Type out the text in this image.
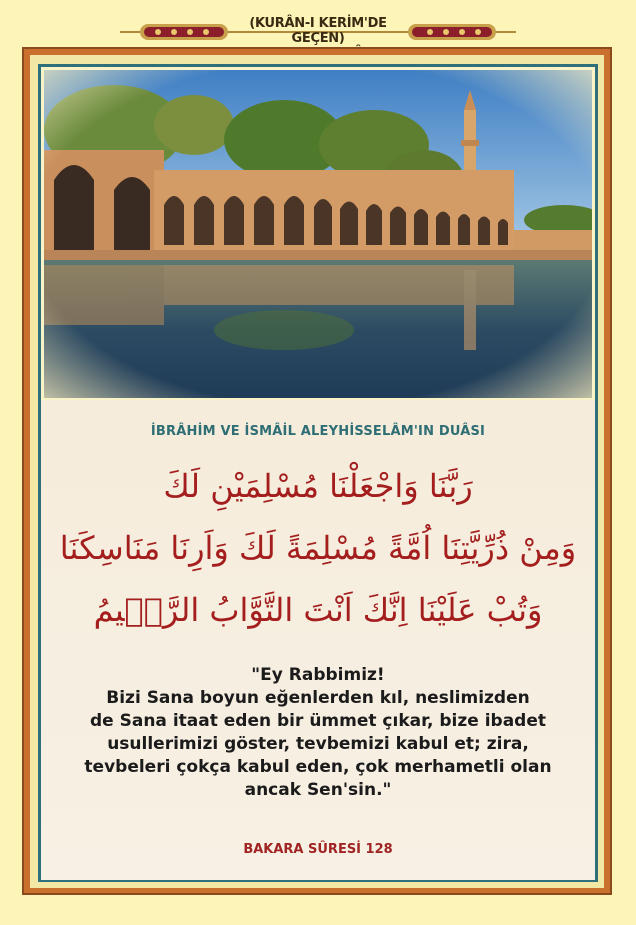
(KURÂN-I KERİM'DE GEÇEN)
İBRÂHİM VE İSMÂİL ALEYHİSSELÂM'IN DUÂSI
رَبَّنَا وَاجْعَلْنَا مُسْلِمَيْنِ لَكَ
وَمِنْ ذُرِّيَّتِنَا اُمَّةً مُسْلِمَةً لَكَ وَاَرِنَا مَنَاسِكَنَا
وَتُبْ عَلَيْنَا اِنَّكَ اَنْتَ التَّوَّابُ الرَّح۪يمُ
"Ey Rabbimiz!
Bizi Sana boyun eğenlerden kıl, neslimizden
de Sana itaat eden bir ümmet çıkar, bize ibadet
usullerimizi göster, tevbemizi kabul et; zira,
tevbeleri çokça kabul eden, çok merhametli olan
ancak Sen'sin."
BAKARA SÛRESİ 128
